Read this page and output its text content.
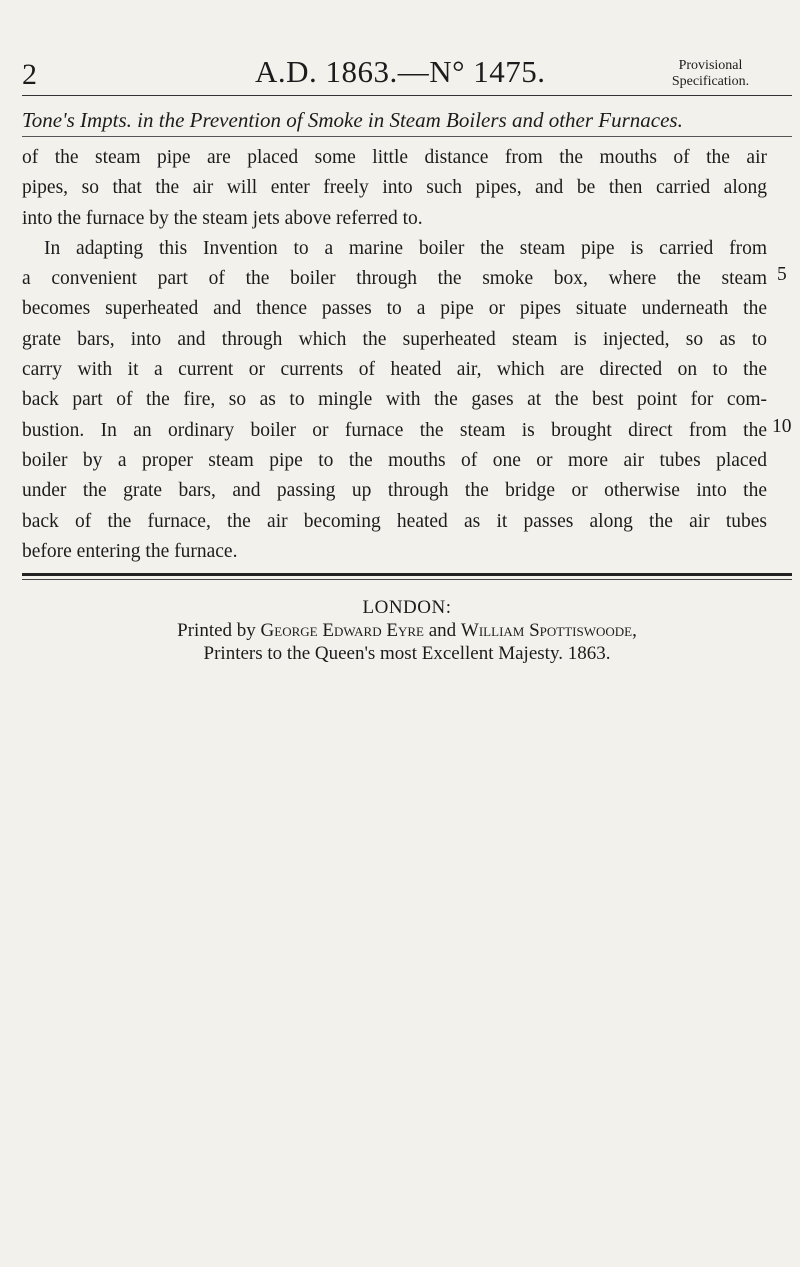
2	A.D. 1863.—N° 1475.	Provisional
Specification.
Tone's Impts. in the Prevention of Smoke in Steam Boilers and other Furnaces.
of the steam pipe are placed some little distance from the mouths of the air
pipes, so that the air will enter freely into such pipes, and be then carried along
into the furnace by the steam jets above referred to.
In adapting this Invention to a marine boiler the steam pipe is carried from
a convenient part of the boiler through the smoke box, where the steam
becomes superheated and thence passes to a pipe or pipes situate underneath the
grate bars, into and through which the superheated steam is injected, so as to
carry with it a current or currents of heated air, which are directed on to the
back part of the fire, so as to mingle with the gases at the best point for com-
bustion. In an ordinary boiler or furnace the steam is brought direct from the
boiler by a proper steam pipe to the mouths of one or more air tubes placed
under the grate bars, and passing up through the bridge or otherwise into the
back of the furnace, the air becoming heated as it passes along the air tubes
before entering the furnace.
5
10
LONDON:
Printed by George Edward Eyre and William Spottiswoode,
Printers to the Queen's most Excellent Majesty. 1863.
